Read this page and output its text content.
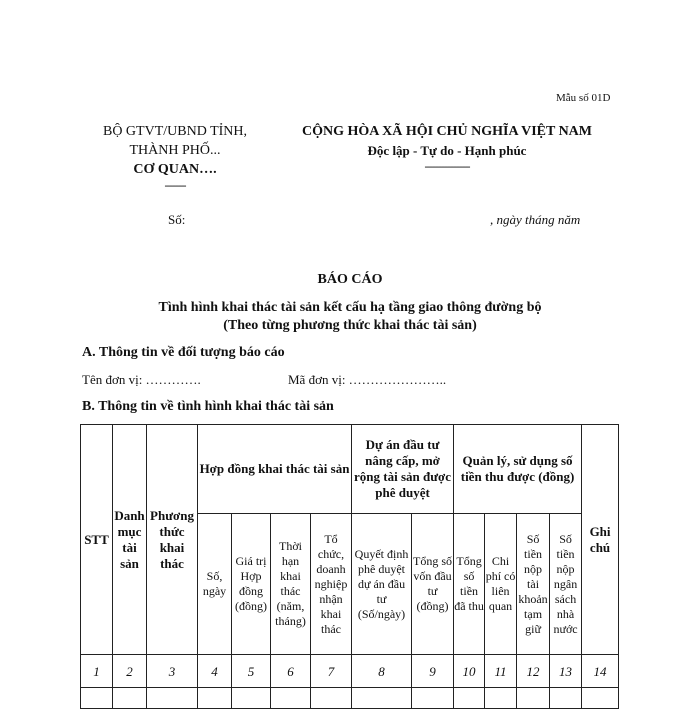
Mẫu số 01D
BỘ GTVT/UBND TỈNH,
THÀNH PHỐ...
CƠ QUAN….
-------
CỘNG HÒA XÃ HỘI CHỦ NGHĨA VIỆT NAM
Độc lập - Tự do - Hạnh phúc
---------------
Số:	, ngày tháng năm
BÁO CÁO
Tình hình khai thác tài sản kết cấu hạ tầng giao thông đường bộ
(Theo từng phương thức khai thác tài sản)
A. Thông tin về đối tượng báo cáo
Tên đơn vị: ………….	Mã đơn vị: …………………..
B. Thông tin về tình hình khai thác tài sản
STT	Danh mục tài sản	Phương thức khai thác	Hợp đồng khai thác tài sản				Dự án đầu tư nâng cấp, mở rộng tài sản được phê duyệt		Quản lý, sử dụng số tiền thu được (đồng)				Ghi chú
			Số, ngày	Giá trị Hợp đồng (đồng)	Thời hạn khai thác (năm, tháng)	Tổ chức, doanh nghiệp nhận khai thác	Quyết định phê duyệt dự án đầu tư (Số/ngày)	Tổng số vốn đầu tư (đồng)	Tổng số tiền đã thu	Chi phí có liên quan	Số tiền nộp tài khoản tạm giữ	Số tiền nộp ngân sách nhà nước	
1	2	3	4	5	6	7	8	9	10	11	12	13	14
